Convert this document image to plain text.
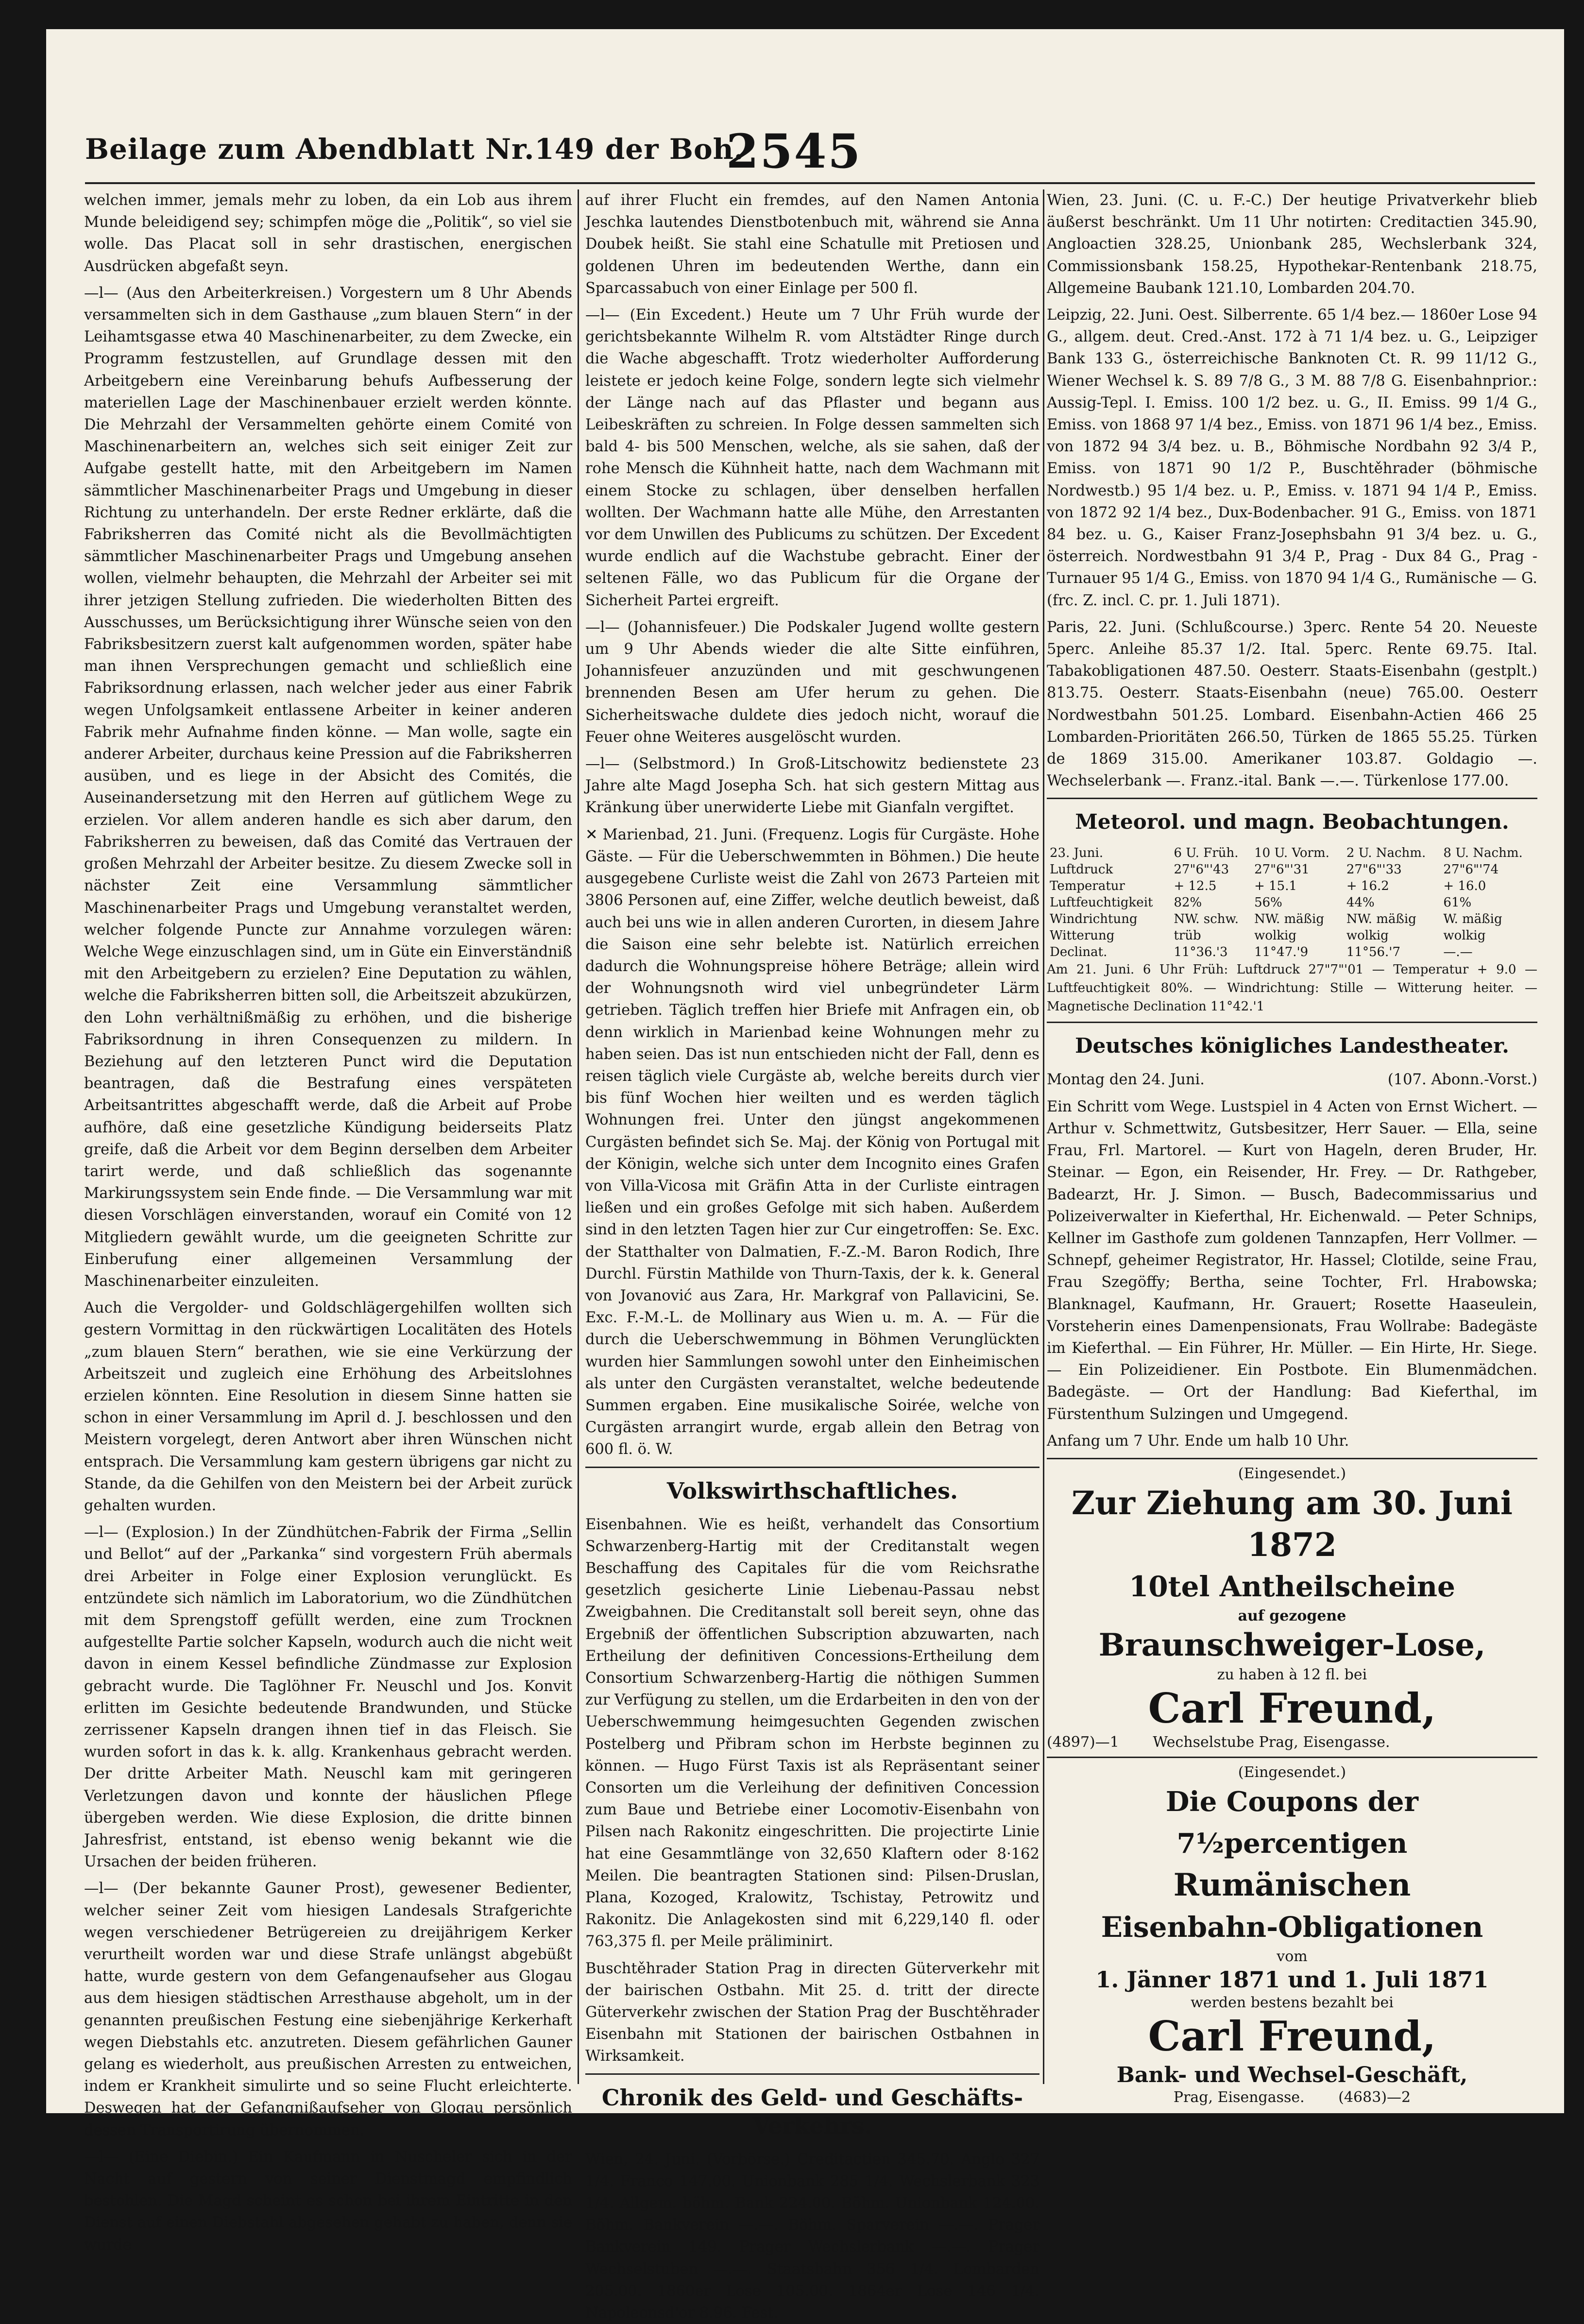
Beilage zum Abendblatt Nr.149 der Boh.
2545

welchen immer, jemals mehr zu loben, da ein Lob aus ihrem Munde beleidigend sey; schimpfen möge die „Politik“, so viel sie wolle. Das Placat soll in sehr drastischen, energischen Ausdrücken abgefaßt seyn.

—l— (Aus den Arbeiterkreisen.) Vorgestern um 8 Uhr Abends versammelten sich in dem Gasthause „zum blauen Stern“ in der Leihamtsgasse etwa 40 Maschinenarbeiter, zu dem Zwecke, ein Programm festzustellen, auf Grundlage dessen mit den Arbeitgebern eine Vereinbarung behufs Aufbesserung der materiellen Lage der Maschinenbauer erzielt werden könnte. Die Mehrzahl der Versammelten gehörte einem Comité von Maschinenarbeitern an, welches sich seit einiger Zeit zur Aufgabe gestellt hatte, mit den Arbeitgebern im Namen sämmtlicher Maschinenarbeiter Prags und Umgebung in dieser Richtung zu unterhandeln. Der erste Redner erklärte, daß die Fabriksherren das Comité nicht als die Bevollmächtigten sämmtlicher Maschinenarbeiter Prags und Umgebung ansehen wollen, vielmehr behaupten, die Mehrzahl der Arbeiter sei mit ihrer jetzigen Stellung zufrieden. Die wiederholten Bitten des Ausschusses, um Berücksichtigung ihrer Wünsche seien von den Fabriksbesitzern zuerst kalt aufgenommen worden, später habe man ihnen Versprechungen gemacht und schließlich eine Fabriksordnung erlassen, nach welcher jeder aus einer Fabrik wegen Unfolgsamkeit entlassene Arbeiter in keiner anderen Fabrik mehr Aufnahme finden könne. — Man wolle, sagte ein anderer Arbeiter, durchaus keine Pression auf die Fabriksherren ausüben, und es liege in der Absicht des Comités, die Auseinandersetzung mit den Herren auf gütlichem Wege zu erzielen. Vor allem anderen handle es sich aber darum, den Fabriksherren zu beweisen, daß das Comité das Vertrauen der großen Mehrzahl der Arbeiter besitze. Zu diesem Zwecke soll in nächster Zeit eine Versammlung sämmtlicher Maschinenarbeiter Prags und Umgebung veranstaltet werden, welcher folgende Puncte zur Annahme vorzulegen wären: Welche Wege einzuschlagen sind, um in Güte ein Einverständniß mit den Arbeitgebern zu erzielen? Eine Deputation zu wählen, welche die Fabriksherren bitten soll, die Arbeitszeit abzukürzen, den Lohn verhältnißmäßig zu erhöhen, und die bisherige Fabriksordnung in ihren Consequenzen zu mildern. In Beziehung auf den letzteren Punct wird die Deputation beantragen, daß die Bestrafung eines verspäteten Arbeitsantrittes abgeschafft werde, daß die Arbeit auf Probe aufhöre, daß eine gesetzliche Kündigung beiderseits Platz greife, daß die Arbeit vor dem Beginn derselben dem Arbeiter tarirt werde, und daß schließlich das sogenannte Markirungssystem sein Ende finde. — Die Versammlung war mit diesen Vorschlägen einverstanden, worauf ein Comité von 12 Mitgliedern gewählt wurde, um die geeigneten Schritte zur Einberufung einer allgemeinen Versammlung der Maschinenarbeiter einzuleiten.

Auch die Vergolder- und Goldschlägergehilfen wollten sich gestern Vormittag in den rückwärtigen Localitäten des Hotels „zum blauen Stern“ berathen, wie sie eine Verkürzung der Arbeitszeit und zugleich eine Erhöhung des Arbeitslohnes erzielen könnten. Eine Resolution in diesem Sinne hatten sie schon in einer Versammlung im April d. J. beschlossen und den Meistern vorgelegt, deren Antwort aber ihren Wünschen nicht entsprach. Die Versammlung kam gestern übrigens gar nicht zu Stande, da die Gehilfen von den Meistern bei der Arbeit zurück gehalten wurden.

—l— (Explosion.) In der Zündhütchen-Fabrik der Firma „Sellin und Bellot“ auf der „Parkanka“ sind vorgestern Früh abermals drei Arbeiter in Folge einer Explosion verunglückt. Es entzündete sich nämlich im Laboratorium, wo die Zündhütchen mit dem Sprengstoff gefüllt werden, eine zum Trocknen aufgestellte Partie solcher Kapseln, wodurch auch die nicht weit davon in einem Kessel befindliche Zündmasse zur Explosion gebracht wurde. Die Taglöhner Fr. Neuschl und Jos. Konvit erlitten im Gesichte bedeutende Brandwunden, und Stücke zerrissener Kapseln drangen ihnen tief in das Fleisch. Sie wurden sofort in das k. k. allg. Krankenhaus gebracht werden. Der dritte Arbeiter Math. Neuschl kam mit geringeren Verletzungen davon und konnte der häuslichen Pflege übergeben werden. Wie diese Explosion, die dritte binnen Jahresfrist, entstand, ist ebenso wenig bekannt wie die Ursachen der beiden früheren.

—l— (Der bekannte Gauner Prost), gewesener Bedienter, welcher seiner Zeit vom hiesigen Landesals Strafgerichte wegen verschiedener Betrügereien zu dreijährigem Kerker verurtheilt worden war und diese Strafe unlängst abgebüßt hatte, wurde gestern von dem Gefangenaufseher aus Glogau aus dem hiesigen städtischen Arresthause abgeholt, um in der genannten preußischen Festung eine siebenjährige Kerkerhaft wegen Diebstahls etc. anzutreten. Diesem gefährlichen Gauner gelang es wiederholt, aus preußischen Arresten zu entweichen, indem er Krankheit simulirte und so seine Flucht erleichterte. Deswegen hat der Gefangnißaufseher von Glogau persönlich dessen Transportirung übernommen.

—l— (Eine Diebin.) Ein Kaufmann in Nuscheler sich in der Nacht auf gestern von seiner Dienstmagd empfindlich bestohlen. Die Magd scheint es schon bei ihrem Eintritte in den Dienst auf einen Diebstahl abgesehen gehabt zu haben, denn sie wurde

auf ihrer Flucht ein fremdes, auf den Namen Antonia Jeschka lautendes Dienstbotenbuch mit, während sie Anna Doubek heißt. Sie stahl eine Schatulle mit Pretiosen und goldenen Uhren im bedeutenden Werthe, dann ein Sparcassabuch von einer Einlage per 500 fl.

—l— (Ein Excedent.) Heute um 7 Uhr Früh wurde der gerichtsbekannte Wilhelm R. vom Altstädter Ringe durch die Wache abgeschafft. Trotz wiederholter Aufforderung leistete er jedoch keine Folge, sondern legte sich vielmehr der Länge nach auf das Pflaster und begann aus Leibeskräften zu schreien. In Folge dessen sammelten sich bald 4- bis 500 Menschen, welche, als sie sahen, daß der rohe Mensch die Kühnheit hatte, nach dem Wachmann mit einem Stocke zu schlagen, über denselben herfallen wollten. Der Wachmann hatte alle Mühe, den Arrestanten vor dem Unwillen des Publicums zu schützen. Der Excedent wurde endlich auf die Wachstube gebracht. Einer der seltenen Fälle, wo das Publicum für die Organe der Sicherheit Partei ergreift.

—l— (Johannisfeuer.) Die Podskaler Jugend wollte gestern um 9 Uhr Abends wieder die alte Sitte einführen, Johannisfeuer anzuzünden und mit geschwungenen brennenden Besen am Ufer herum zu gehen. Die Sicherheitswache duldete dies jedoch nicht, worauf die Feuer ohne Weiteres ausgelöscht wurden.

—l— (Selbstmord.) In Groß-Litschowitz bedienstete 23 Jahre alte Magd Josepha Sch. hat sich gestern Mittag aus Kränkung über unerwiderte Liebe mit Gianfaln vergiftet.

✕ Marienbad, 21. Juni. (Frequenz. Logis für Curgäste. Hohe Gäste. — Für die Ueberschwemmten in Böhmen.) Die heute ausgegebene Curliste weist die Zahl von 2673 Parteien mit 3806 Personen auf, eine Ziffer, welche deutlich beweist, daß auch bei uns wie in allen anderen Curorten, in diesem Jahre die Saison eine sehr belebte ist. Natürlich erreichen dadurch die Wohnungspreise höhere Beträge; allein wird der Wohnungsnoth wird viel unbegründeter Lärm getrieben. Täglich treffen hier Briefe mit Anfragen ein, ob denn wirklich in Marienbad keine Wohnungen mehr zu haben seien. Das ist nun entschieden nicht der Fall, denn es reisen täglich viele Curgäste ab, welche bereits durch vier bis fünf Wochen hier weilten und es werden täglich Wohnungen frei. Unter den jüngst angekommenen Curgästen befindet sich Se. Maj. der König von Portugal mit der Königin, welche sich unter dem Incognito eines Grafen von Villa-Vicosa mit Gräfin Atta in der Curliste eintragen ließen und ein großes Gefolge mit sich haben. Außerdem sind in den letzten Tagen hier zur Cur eingetroffen: Se. Exc. der Statthalter von Dalmatien, F.-Z.-M. Baron Rodich, Ihre Durchl. Fürstin Mathilde von Thurn-Taxis, der k. k. General von Jovanović aus Zara, Hr. Markgraf von Pallavicini, Se. Exc. F.-M.-L. de Mollinary aus Wien u. m. A. — Für die durch die Ueberschwemmung in Böhmen Verunglückten wurden hier Sammlungen sowohl unter den Einheimischen als unter den Curgästen veranstaltet, welche bedeutende Summen ergaben. Eine musikalische Soirée, welche von Curgästen arrangirt wurde, ergab allein den Betrag von 600 fl. ö. W.

Volkswirthschaftliches.

Eisenbahnen. Wie es heißt, verhandelt das Consortium Schwarzenberg-Hartig mit der Creditanstalt wegen Beschaffung des Capitales für die vom Reichsrathe gesetzlich gesicherte Linie Liebenau-Passau nebst Zweigbahnen. Die Creditanstalt soll bereit seyn, ohne das Ergebniß der öffentlichen Subscription abzuwarten, nach Ertheilung der definitiven Concessions-Ertheilung dem Consortium Schwarzenberg-Hartig die nöthigen Summen zur Verfügung zu stellen, um die Erdarbeiten in den von der Ueberschwemmung heimgesuchten Gegenden zwischen Postelberg und Přibram schon im Herbste beginnen zu können. — Hugo Fürst Taxis ist als Repräsentant seiner Consorten um die Verleihung der definitiven Concession zum Baue und Betriebe einer Locomotiv-Eisenbahn von Pilsen nach Rakonitz eingeschritten. Die projectirte Linie hat eine Gesammtlänge von 32,650 Klaftern oder 8·162 Meilen. Die beantragten Stationen sind: Pilsen-Druslan, Plana, Kozoged, Kralowitz, Tschistay, Petrowitz und Rakonitz. Die Anlagekosten sind mit 6,229,140 fl. oder 763,375 fl. per Meile präliminirt.

Buschtěhrader Station Prag in directen Güterverkehr mit der bairischen Ostbahn. Mit 25. d. tritt der directe Güterverkehr zwischen der Station Prag der Buschtěhrader Eisenbahn mit Stationen der bairischen Ostbahnen in Wirksamkeit.

Chronik des Geld- und Geschäfts-Verkehrs.

Wien, 24. Juni. (Vorbörse.) Creditactien 345.70. Anglo 327 1/4. Franco 147.00. Unionbank 285 1/4. Wechslerbank 323 1/4. Allgem. böhm. Bank 224.00. Böhm. Unionbank 124.00. Böhm. Bankverein —.—. Böhm. Sparverein —.—. Prager Bankverein 149. Prager Wechslerbank —.—. Prager Wechselstuben —.—. Staatsbahn 356 1/4. Lombarden 205.00. 1860er Lose 105.00. 1864er Lose 146 1/4. Napoleonsd'or 8.96. Fest.

Wien, 23. Juni. (C. u. F.-C.) Der heutige Privatverkehr blieb äußerst beschränkt. Um 11 Uhr notirten: Creditactien 345.90, Angloactien 328.25, Unionbank 285, Wechslerbank 324, Commissionsbank 158.25, Hypothekar-Rentenbank 218.75, Allgemeine Baubank 121.10, Lombarden 204.70.

Leipzig, 22. Juni. Oest. Silberrente. 65 1/4 bez.— 1860er Lose 94 G., allgem. deut. Cred.-Anst. 172 à 71 1/4 bez. u. G., Leipziger Bank 133 G., österreichische Banknoten Ct. R. 99 11/12 G., Wiener Wechsel k. S. 89 7/8 G., 3 M. 88 7/8 G. Eisenbahnprior.: Aussig-Tepl. I. Emiss. 100 1/2 bez. u. G., II. Emiss. 99 1/4 G., Emiss. von 1868 97 1/4 bez., Emiss. von 1871 96 1/4 bez., Emiss. von 1872 94 3/4 bez. u. B., Böhmische Nordbahn 92 3/4 P., Emiss. von 1871 90 1/2 P., Buschtěhrader (böhmische Nordwestb.) 95 1/4 bez. u. P., Emiss. v. 1871 94 1/4 P., Emiss. von 1872 92 1/4 bez., Dux-Bodenbacher. 91 G., Emiss. von 1871 84 bez. u. G., Kaiser Franz-Josephsbahn 91 3/4 bez. u. G., österreich. Nordwestbahn 91 3/4 P., Prag - Dux 84 G., Prag - Turnauer 95 1/4 G., Emiss. von 1870 94 1/4 G., Rumänische — G. (frc. Z. incl. C. pr. 1. Juli 1871).

Paris, 22. Juni. (Schlußcourse.) 3perc. Rente 54 20. Neueste 5perc. Anleihe 85.37 1/2. Ital. 5perc. Rente 69.75. Ital. Tabakobligationen 487.50. Oesterr. Staats-Eisenbahn (gestplt.) 813.75. Oesterr. Staats-Eisenbahn (neue) 765.00. Oesterr Nordwestbahn 501.25. Lombard. Eisenbahn-Actien 466 25 Lombarden-Prioritäten 266.50, Türken de 1865 55.25. Türken de 1869 315.00. Amerikaner 103.87. Goldagio —. Wechselerbank —. Franz.-ital. Bank —.—. Türkenlose 177.00.

Meteorol. und magn. Beobachtungen.
23. Juni.	6 U. Früh.	10 U. Vorm.	2 U. Nachm.	8 U. Nachm.
Luftdruck	27"6"'43	27"6"'31	27"6"'33	27"6"'74
Temperatur	+ 12.5	+ 15.1	+ 16.2	+ 16.0
Luftfeuchtigkeit	82%	56%	44%	61%
Windrichtung	NW. schw.	NW. mäßig	NW. mäßig	W. mäßig
Witterung	trüb	wolkig	wolkig	wolkig
Declinat.	11°36.'3	11°47.'9	11°56.'7	—.—

Am 21. Juni. 6 Uhr Früh: Luftdruck 27"7"'01 — Temperatur + 9.0 — Luftfeuchtigkeit 80%. — Windrichtung: Stille — Witterung heiter. — Magnetische Declination 11°42.'1

Deutsches königliches Landestheater.

Montag den 24. Juni.	(107. Abonn.-Vorst.)

Ein Schritt vom Wege. Lustspiel in 4 Acten von Ernst Wichert. — Arthur v. Schmettwitz, Gutsbesitzer, Herr Sauer. — Ella, seine Frau, Frl. Martorel. — Kurt von Hageln, deren Bruder, Hr. Steinar. — Egon, ein Reisender, Hr. Frey. — Dr. Rathgeber, Badearzt, Hr. J. Simon. — Busch, Badecommissarius und Polizeiverwalter in Kieferthal, Hr. Eichenwald. — Peter Schnips, Kellner im Gasthofe zum goldenen Tannzapfen, Herr Vollmer. — Schnepf, geheimer Registrator, Hr. Hassel; Clotilde, seine Frau, Frau Szegöffy; Bertha, seine Tochter, Frl. Hrabowska; Blanknagel, Kaufmann, Hr. Grauert; Rosette Haaseulein, Vorsteherin eines Damenpensionats, Frau Wollrabe: Badegäste im Kieferthal. — Ein Führer, Hr. Müller. — Ein Hirte, Hr. Siege. — Ein Polizeidiener. Ein Postbote. Ein Blumenmädchen. Badegäste. — Ort der Handlung: Bad Kieferthal, im Fürstenthum Sulzingen und Umgegend.

Anfang um 7 Uhr. Ende um halb 10 Uhr.

(Eingesendet.)
Zur Ziehung am 30. Juni 1872
10tel Antheilscheine
auf gezogene
Braunschweiger-Lose,
zu haben à 12 fl. bei
Carl Freund,
(4897)—1 Wechselstube Prag, Eisengasse.
(Eingesendet.)
Die Coupons der 7½percentigen
Rumänischen
Eisenbahn-Obligationen
vom
1. Jänner 1871 und 1. Juli 1871
werden bestens bezahlt bei
Carl Freund,
Bank- und Wechsel-Geschäft,
Prag, Eisengasse. (4683)—2
